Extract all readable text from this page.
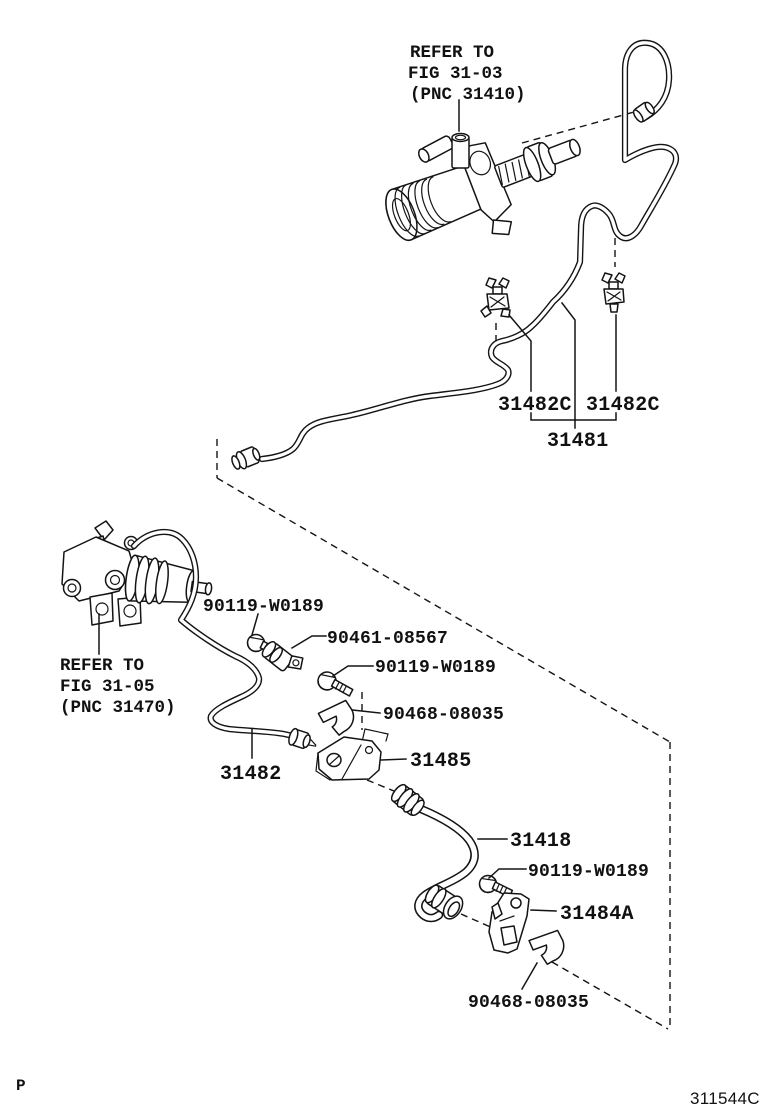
REFER TO
FIG 31-03
(PNC 31410)
31482C 31482C
31481
90119-W0189
90461-08567
90119-W0189
90468-08035
31485
31482
REFER TO
FIG 31-05
(PNC 31470)
31418
90119-W0189
31484A
90468-08035
P
311544C
